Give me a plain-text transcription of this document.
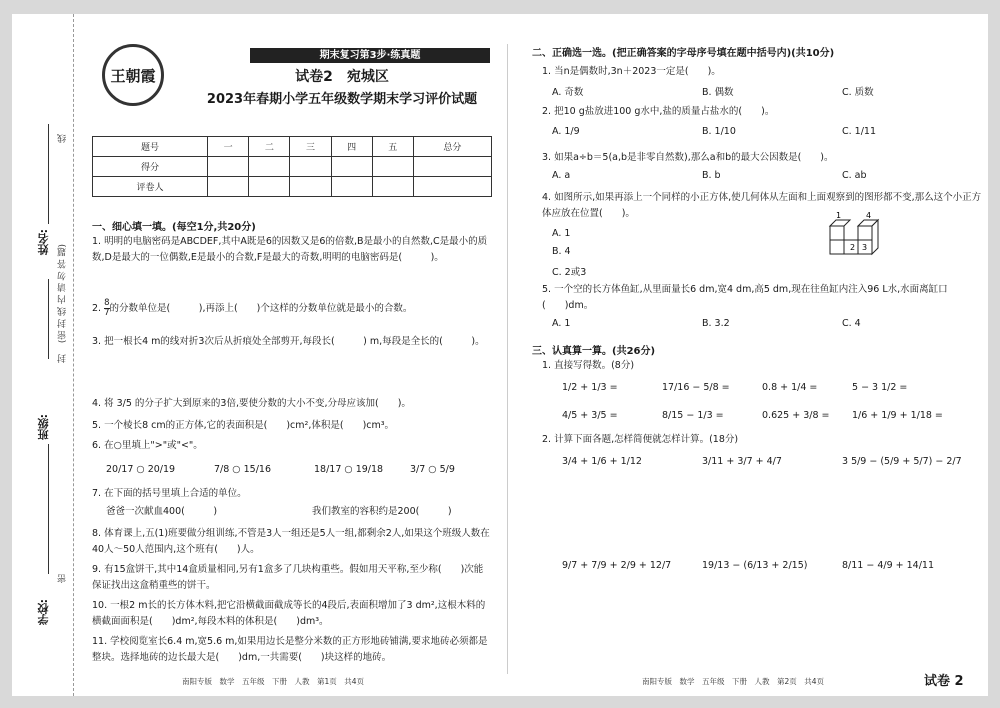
姓名:
(密 封 线 内 请 勿 答 题)
封
班级:
线
密
学校:
王朝霞
期末复习第3步·练真题
试卷2　宛城区
2023年春期小学五年级数学期末学习评价试题
题号	一	二	三	四	五	总分
得分						
评卷人						
一、细心填一填。(每空1分,共20分)
1. 明明的电脑密码是ABCDEF,其中A既是6的因数又是6的倍数,B是最小的自然数,C是最小的质数,D是最大的一位偶数,E是最小的合数,F是最大的奇数,明明的电脑密码是(　　　)。
2. $\frac{8}{7}$ 的分数单位是(　　　),再添上(　　)个这样的分数单位就是最小的合数。
3. 把一根长4 m的线对折3次后从折痕处全部剪开,每段长(　　　) m,每段是全长的(　　　)。
4. 将 3/5 的分子扩大到原来的3倍,要使分数的大小不变,分母应该加(　　)。
5. 一个棱长8 cm的正方体,它的表面积是(　　)cm²,体积是(　　)cm³。
6. 在○里填上">"或"<"。
20/17 ○ 20/19	7/8 ○ 15/16	18/17 ○ 19/18	3/7 ○ 5/9
7. 在下面的括号里填上合适的单位。
爸爸一次献血400(　　　)	我们教室的容积约是200(　　　)
8. 体育课上,五(1)班要做分组训练,不管是3人一组还是5人一组,都剩余2人,如果这个班级人数在40人～50人范围内,这个班有(　　)人。
9. 有15盒饼干,其中14盒质量相同,另有1盒多了几块构重些。假如用天平称,至少称(　　)次能保证找出这盒稍重些的饼干。
10. 一根2 m长的长方体木料,把它沿横截面截成等长的4段后,表面积增加了3 dm²,这根木料的横截面面积是(　　)dm²,每段木料的体积是(　　)dm³。
11. 学校阅览室长6.4 m,宽5.6 m,如果用边长是整分米数的正方形地砖铺满,要求地砖必须都是整块。选择地砖的边长最大是(　　)dm,一共需要(　　)块这样的地砖。
南阳专版　数学　五年级　下册　人教　第1页　共4页
二、正确选一选。(把正确答案的字母序号填在题中括号内)(共10分)
1. 当n是偶数时,3n＋2023一定是(　　)。
A. 奇数	B. 偶数	C. 质数
2. 把10 g盐放进100 g水中,盐的质量占盐水的(　　)。
A. 1/9	B. 1/10	C. 1/11
3. 如果a÷b＝5(a,b是非零自然数),那么a和b的最大公因数是(　　)。
A. a	B. b	C. ab
4. 如图所示,如果再添上一个同样的小正方体,使几何体从左面和上面观察到的图形都不变,那么这个小正方体应放在位置(　　)。
A. 1
B. 4
C. 2或3
2 3
1	4
5. 一个空的长方体鱼缸,从里面量长6 dm,宽4 dm,高5 dm,现在往鱼缸内注入96 L水,水面离缸口(　　)dm。
A. 1	B. 3.2	C. 4
三、认真算一算。(共26分)
1. 直接写得数。(8分)
1/2 + 1/3 =	17/16 − 5/8 =	0.8 + 1/4 =	5 − 3 1/2 =
4/5 + 3/5 =	8/15 − 1/3 =	0.625 + 3/8 = 1/6 + 1/9 + 1/18 =
2. 计算下面各题,怎样简便就怎样计算。(18分)
3/4 + 1/6 + 1/12	3/11 + 3/7 + 4/7	3 5/9 − (5/9 + 5/7) − 2/7
9/7 + 7/9 + 2/9 + 12/7	19/13 − (6/13 + 2/15)	8/11 − 4/9 + 14/11
南阳专版　数学　五年级　下册　人教　第2页　共4页	试卷 2
